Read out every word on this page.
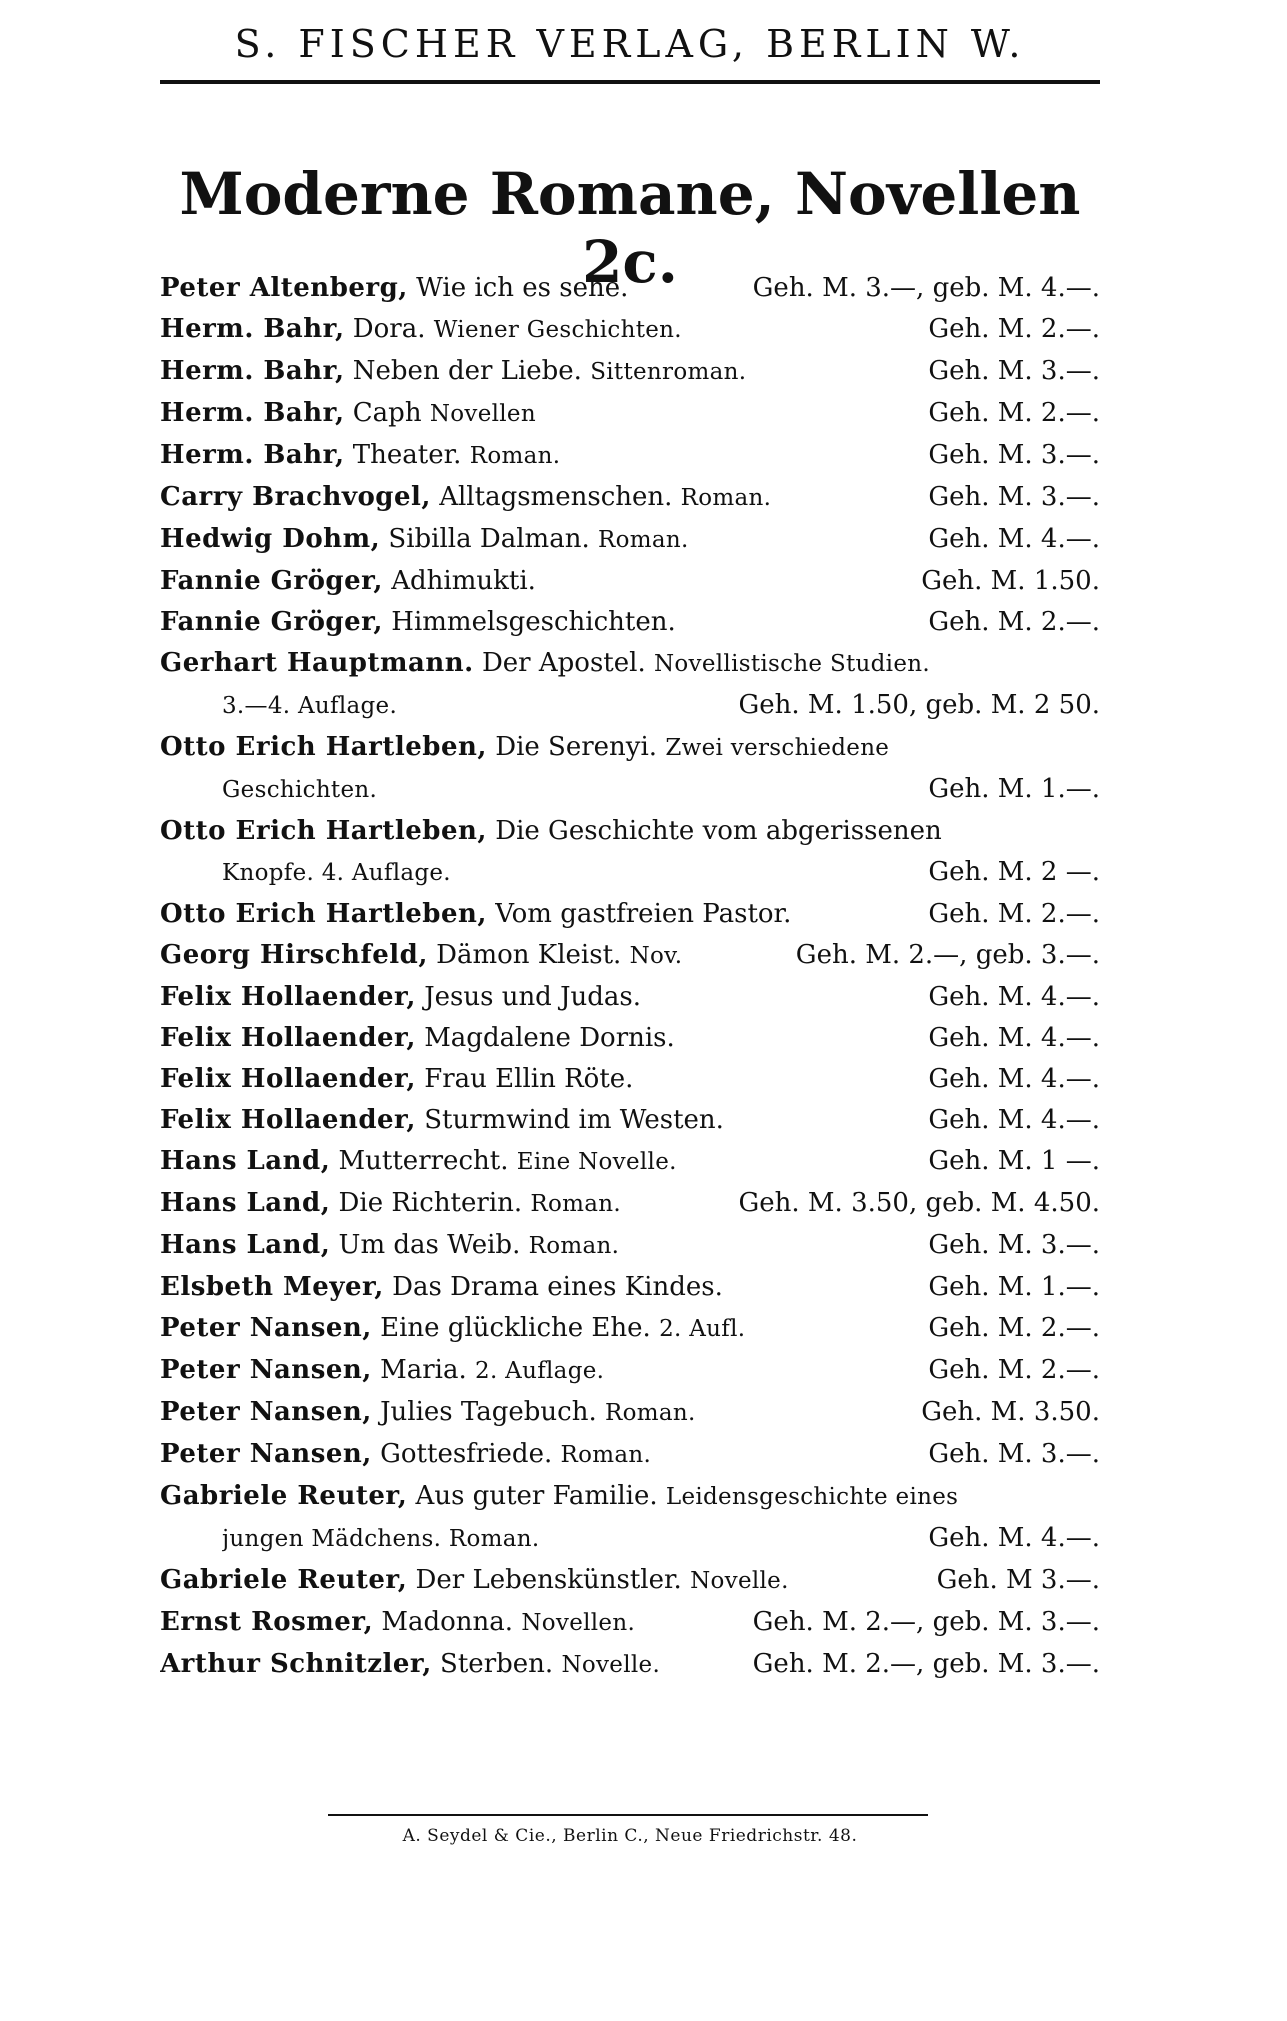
S. FISCHER VERLAG, BERLIN W.
Moderne Romane, Novellen 2c.
Peter Altenberg, Wie ich es sehe.	Geh. M. 3.—, geb. M. 4.—.
Herm. Bahr, Dora. Wiener Geschichten.	Geh. M. 2.—.
Herm. Bahr, Neben der Liebe. Sittenroman.	Geh. M. 3.—.
Herm. Bahr, Caph Novellen	Geh. M. 2.—.
Herm. Bahr, Theater. Roman.	Geh. M. 3.—.
Carry Brachvogel, Alltagsmenschen. Roman.	Geh. M. 3.—.
Hedwig Dohm, Sibilla Dalman. Roman.	Geh. M. 4.—.
Fannie Gröger, Adhimukti.	Geh. M. 1.50.
Fannie Gröger, Himmelsgeschichten.	Geh. M. 2.—.
Gerhart Hauptmann. Der Apostel. Novellistische Studien.
3.—4. Auflage.	Geh. M. 1.50, geb. M. 2 50.
Otto Erich Hartleben, Die Serenyi. Zwei verschiedene
Geschichten.	Geh. M. 1.—.
Otto Erich Hartleben, Die Geschichte vom abgerissenen
Knopfe. 4. Auflage.	Geh. M. 2 —.
Otto Erich Hartleben, Vom gastfreien Pastor.	Geh. M. 2.—.
Georg Hirschfeld, Dämon Kleist. Nov.	Geh. M. 2.—, geb. 3.—.
Felix Hollaender, Jesus und Judas.	Geh. M. 4.—.
Felix Hollaender, Magdalene Dornis.	Geh. M. 4.—.
Felix Hollaender, Frau Ellin Röte.	Geh. M. 4.—.
Felix Hollaender, Sturmwind im Westen.	Geh. M. 4.—.
Hans Land, Mutterrecht. Eine Novelle.	Geh. M. 1 —.
Hans Land, Die Richterin. Roman.	Geh. M. 3.50, geb. M. 4.50.
Hans Land, Um das Weib. Roman.	Geh. M. 3.—.
Elsbeth Meyer, Das Drama eines Kindes.	Geh. M. 1.—.
Peter Nansen, Eine glückliche Ehe. 2. Aufl.	Geh. M. 2.—.
Peter Nansen, Maria. 2. Auflage.	Geh. M. 2.—.
Peter Nansen, Julies Tagebuch. Roman.	Geh. M. 3.50.
Peter Nansen, Gottesfriede. Roman.	Geh. M. 3.—.
Gabriele Reuter, Aus guter Familie. Leidensgeschichte eines
jungen Mädchens. Roman.	Geh. M. 4.—.
Gabriele Reuter, Der Lebenskünstler. Novelle.	Geh. M 3.—.
Ernst Rosmer, Madonna. Novellen.	Geh. M. 2.—, geb. M. 3.—.
Arthur Schnitzler, Sterben. Novelle.	Geh. M. 2.—, geb. M. 3.—.
A. Seydel & Cie., Berlin C., Neue Friedrichstr. 48.
